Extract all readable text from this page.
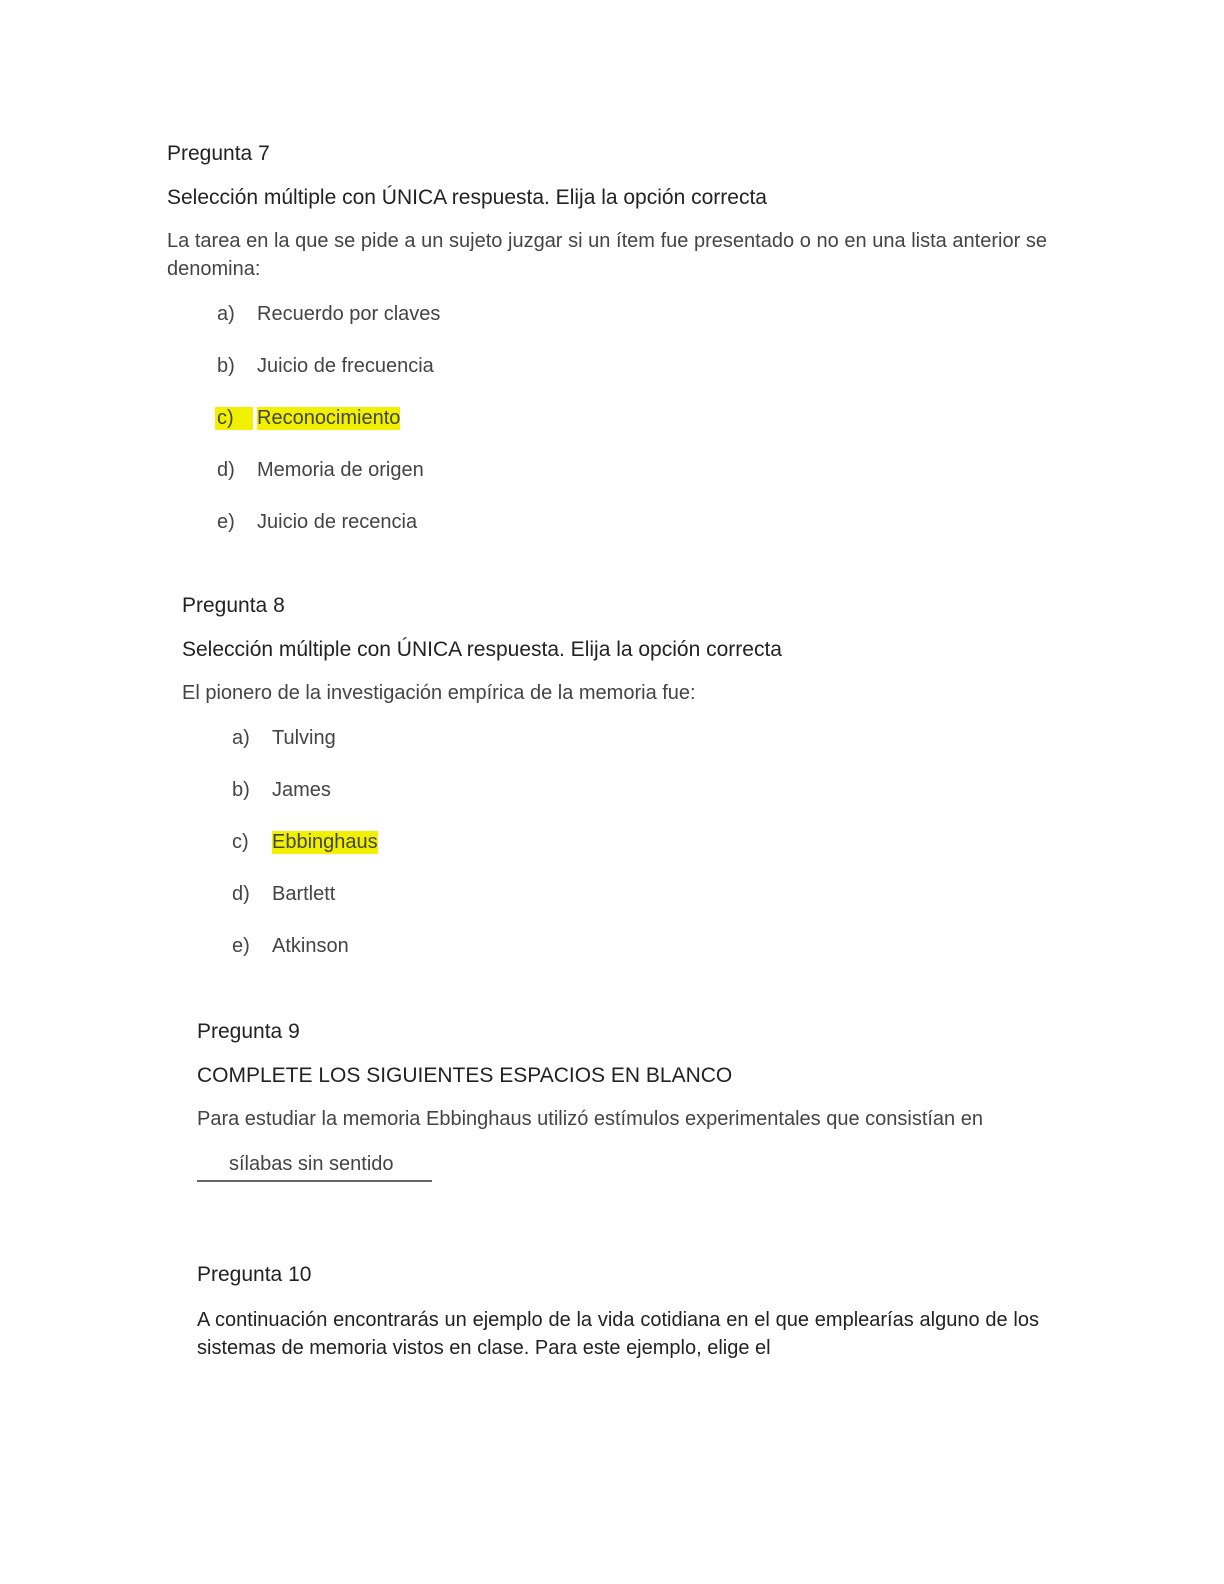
Pregunta 7

Selección múltiple con ÚNICA respuesta. Elija la opción correcta

La tarea en la que se pide a un sujeto juzgar si un ítem fue presentado o no en una lista anterior se denomina:

a)	Recuerdo por claves
b)	Juicio de frecuencia
c)	Reconocimiento
d)	Memoria de origen
e)	Juicio de recencia

Pregunta 8

Selección múltiple con ÚNICA respuesta. Elija la opción correcta

El pionero de la investigación empírica de la memoria fue:

a)	Tulving
b)	James
c)	Ebbinghaus
d)	Bartlett
e)	Atkinson

Pregunta 9

COMPLETE LOS SIGUIENTES ESPACIOS EN BLANCO

Para estudiar la memoria Ebbinghaus utilizó estímulos experimentales que consistían en

sílabas sin sentido

Pregunta 10

A continuación encontrarás un ejemplo de la vida cotidiana en el que emplearías alguno de los sistemas de memoria vistos en clase. Para este ejemplo, elige el
